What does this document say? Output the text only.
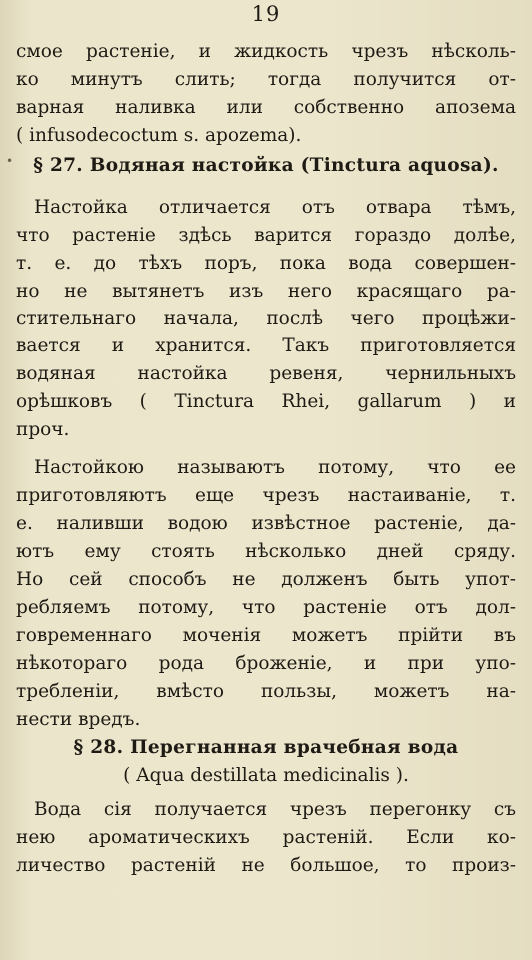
19
•
смое растеніе, и жидкость чрезъ нѣсколь-
ко минутъ слить; тогда получится от-
варная наливка или собственно апозема
( infusodecoctum s. apozema).
§ 27. Водяная настойка (Tinctura aquosa).
Настойка отличается отъ отвара тѣмъ,
что растеніе здѣсь варится гораздо долѣе,
т. е. до тѣхъ поръ, пока вода совершен-
но не вытянетъ изъ него красящаго ра-
стительнаго начала, послѣ чего процѣжи-
вается и хранится. Такъ приготовляется
водяная настойка ревеня, чернильныхъ
орѣшковъ ( Tinctura Rhei, gallarum ) и
проч.
Настойкою называютъ потому, что ее
приготовляютъ еще чрезъ настаиваніе, т.
е. наливши водою извѣстное растеніе, да-
ютъ ему стоять нѣсколько дней сряду.
Но сей способъ не долженъ быть упот-
ребляемъ потому, что растеніе отъ дол-
говременнаго моченія можетъ прійти въ
нѣкотораго рода броженіе, и при упо-
требленіи, вмѣсто пользы, можетъ на-
нести вредъ.
§ 28. Перегнанная врачебная вода
( Aqua destillata medicinalis ).
Вода сія получается чрезъ перегонку съ
нею ароматическихъ растеній. Если ко-
личество растеній не большое, то произ-
